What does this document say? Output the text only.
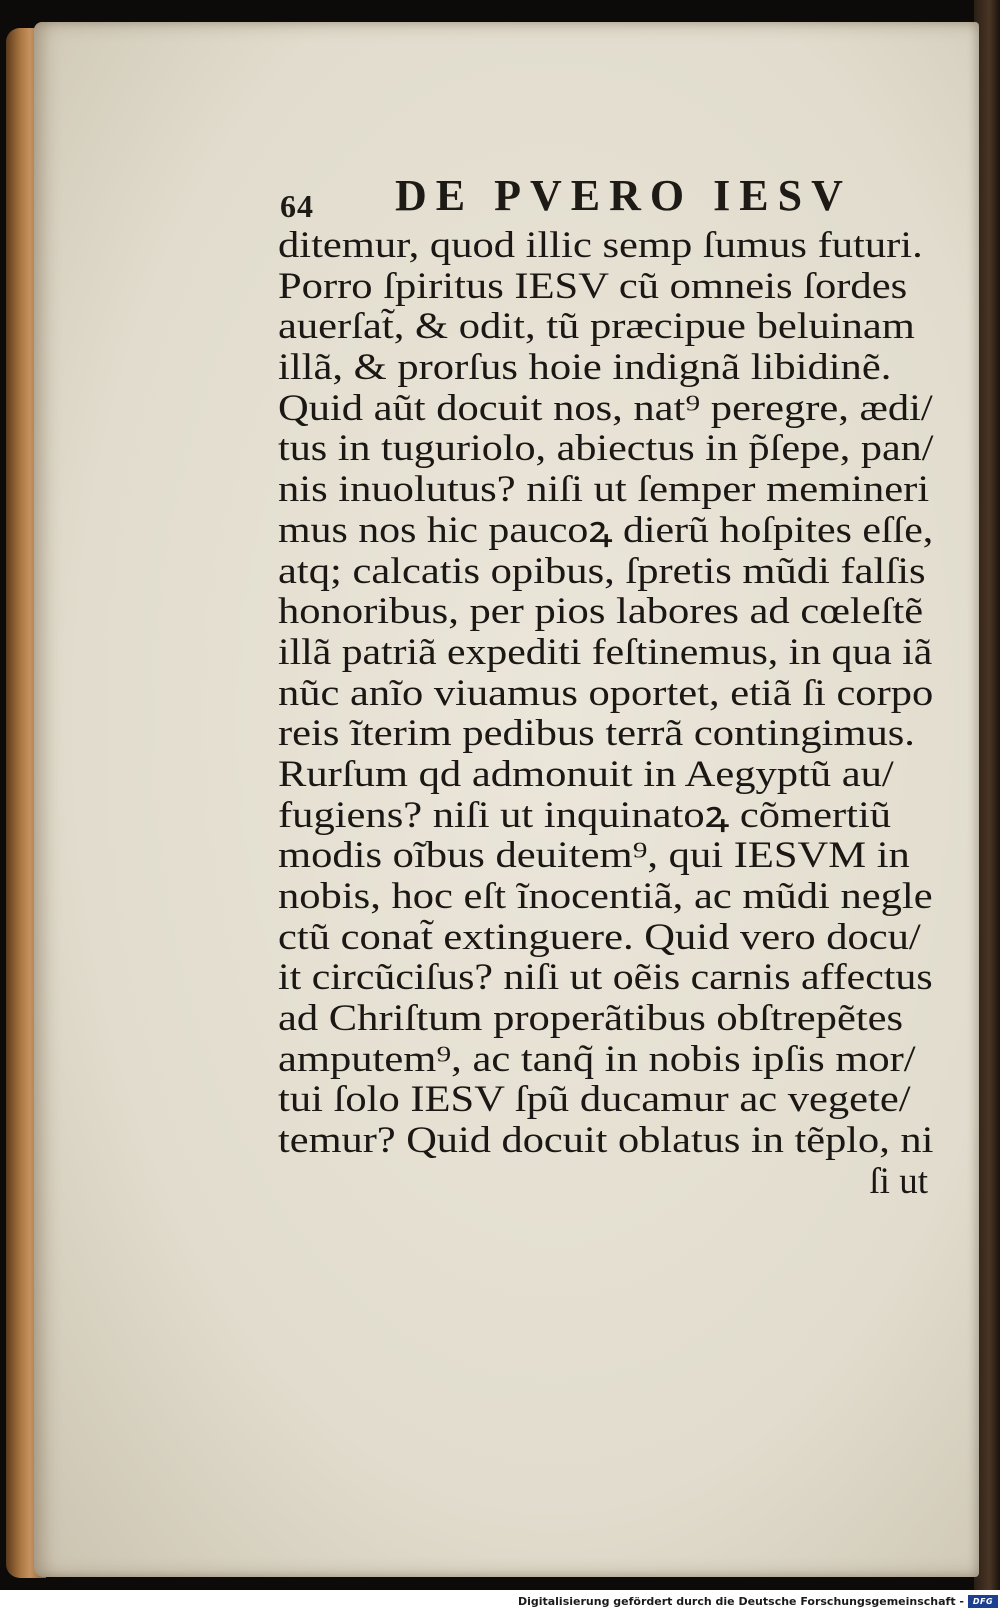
64 DE PVERO IESV
ditemur, quod illic semp ſumus futuri.
Porro ſpiritus IESV cũ omneis ſordes
auerſat̃, & odit, tũ præcipue beluinam
illã, & prorſus hoie indignã libidinẽ.
Quid aũt docuit nos, nat⁹ peregre, ædi/
tus in tuguriolo, abiectus in p̃ſepe, pan/
nis inuolutus? niſi ut ſemper memineri
mus nos hic paucoꝝ dierũ hoſpites eſſe,
atq; calcatis opibus, ſpretis mũdi falſis
honoribus, per pios labores ad cœleſtẽ
illã patriã expediti feſtinemus, in qua iã
nũc anĩo viuamus oportet, etiã ſi corpo
reis ĩterim pedibus terrã contingimus.
Rurſum qd admonuit in Aegyptũ au/
fugiens? niſi ut inquinatoꝝ cõmertiũ
modis oĩbus deuitem⁹, qui IESVM in
nobis, hoc eſt ĩnocentiã, ac mũdi negle
ctũ conat̃ extinguere. Quid vero docu/
it circũciſus? niſi ut oẽis carnis affectus
ad Chriſtum properãtibus obſtrepẽtes
amputem⁹, ac tanq̃ in nobis ipſis mor/
tui ſolo IESV ſpũ ducamur ac vegete/
temur? Quid docuit oblatus in tẽplo, ni
ſi ut
Digitalisierung gefördert durch die Deutsche Forschungsgemeinschaft -	DFG
